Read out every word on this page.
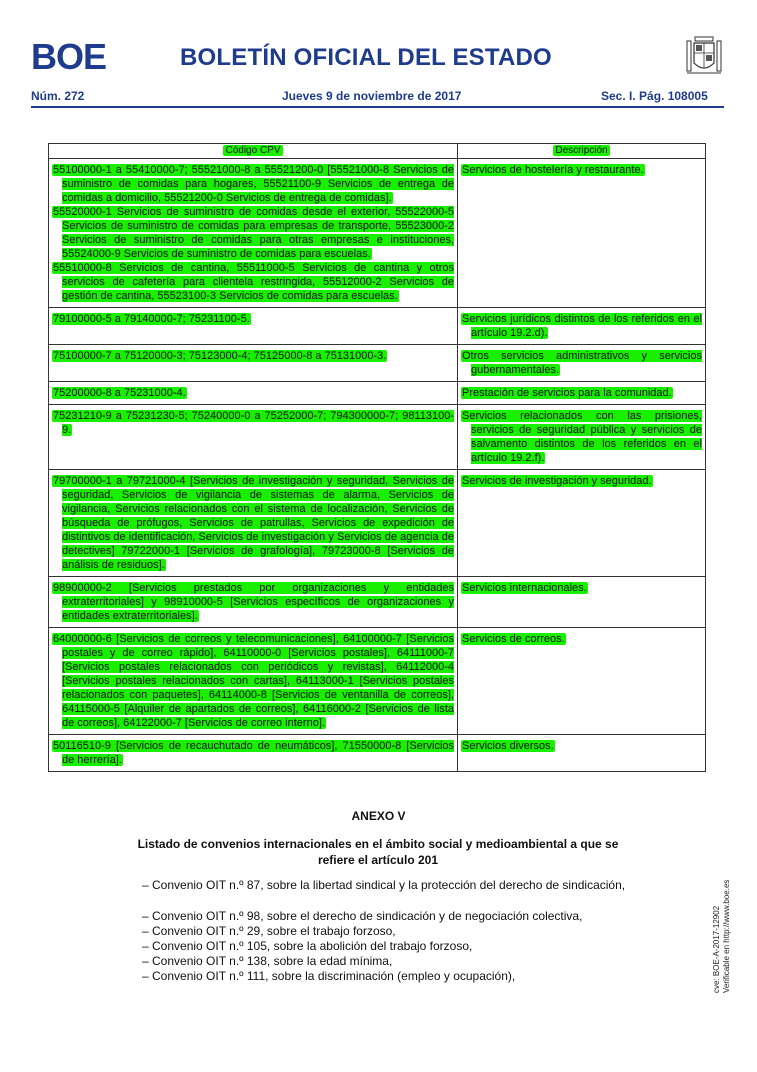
BOE	BOLETÍN OFICIAL DEL ESTADO
Núm. 272	Jueves 9 de noviembre de 2017	Sec. I. Pág. 108005
Código CPV	Descripción

55100000-1 a 55410000-7; 55521000-8 a 55521200-0 [55521000-8 Servicios de suministro de comidas para hogares, 55521100-9 Servicios de entrega de comidas a domicilio, 55521200-0 Servicios de entrega de comidas].
55520000-1 Servicios de suministro de comidas desde el exterior, 55522000-5 Servicios de suministro de comidas para empresas de transporte, 55523000-2 Servicios de suministro de comidas para otras empresas e instituciones, 55524000-9 Servicios de suministro de comidas para escuelas.
55510000-8 Servicios de cantina, 55511000-5 Servicios de cantina y otros servicios de cafetería para clientela restringida, 55512000-2 Servicios de gestión de cantina, 55523100-3 Servicios de comidas para escuelas.	Servicios de hostelería y restaurante.

79100000-5 a 79140000-7; 75231100-5.	Servicios jurídicos distintos de los referidos en el artículo 19.2.d).

75100000-7 a 75120000-3; 75123000-4; 75125000-8 a 75131000-3.	Otros servicios administrativos y servicios gubernamentales.

75200000-8 a 75231000-4.	Prestación de servicios para la comunidad.

75231210-9 a 75231230-5; 75240000-0 a 75252000-7; 794300000-7; 98113100-9.	Servicios relacionados con las prisiones, servicios de seguridad pública y servicios de salvamento distintos de los referidos en el artículo 19.2.f).

79700000-1 a 79721000-4 [Servicios de investigación y seguridad, Servicios de seguridad, Servicios de vigilancia de sistemas de alarma, Servicios de vigilancia, Servicios relacionados con el sistema de localización, Servicios de búsqueda de prófugos, Servicios de patrullas, Servicios de expedición de distintivos de identificación, Servicios de investigación y Servicios de agencia de detectives] 79722000-1 [Servicios de grafología], 79723000-8 [Servicios de análisis de residuos].	Servicios de investigación y seguridad.

98900000-2 [Servicios prestados por organizaciones y entidades extraterritoriales] y 98910000-5 [Servicios específicos de organizaciones y entidades extraterritoriales].	Servicios internacionales.

64000000-6 [Servicios de correos y telecomunicaciones], 64100000-7 [Servicios postales y de correo rápido], 64110000-0 [Servicios postales], 64111000-7 [Servicios postales relacionados con periódicos y revistas], 64112000-4 [Servicios postales relacionados con cartas], 64113000-1 [Servicios postales relacionados con paquetes], 64114000-8 [Servicios de ventanilla de correos], 64115000-5 [Alquiler de apartados de correos], 64116000-2 [Servicios de lista de correos], 64122000-7 [Servicios de correo interno].	Servicios de correos.

50116510-9 [Servicios de recauchutado de neumáticos], 71550000-8 [Servicios de herrería].	Servicios diversos.
ANEXO V
Listado de convenios internacionales en el ámbito social y medioambiental a que se refiere el artículo 201
– Convenio OIT n.º 87, sobre la libertad sindical y la protección del derecho de sindicación,
– Convenio OIT n.º 98, sobre el derecho de sindicación y de negociación colectiva,
– Convenio OIT n.º 29, sobre el trabajo forzoso,
– Convenio OIT n.º 105, sobre la abolición del trabajo forzoso,
– Convenio OIT n.º 138, sobre la edad mínima,
– Convenio OIT n.º 111, sobre la discriminación (empleo y ocupación),	cve: BOE-A-2017-12902 Verificable en http://www.boe.es
